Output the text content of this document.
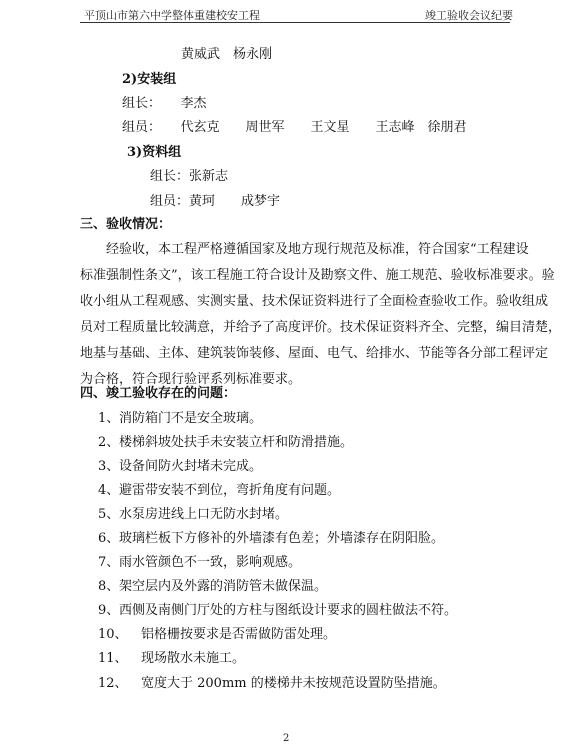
平顶山市第六中学整体重建校安工程	竣工验收会议纪要
黄威武　杨永刚
2)安装组
组长：　　李杰
组员：　　代玄克　　周世军　　王文星　　王志峰　徐朋君
3)资料组
组长：张新志
组员：黄珂　　成梦宇
三、验收情况：
　　经验收，本工程严格遵循国家及地方现行规范及标准，符合国家“工程建设
标准强制性条文”，该工程施工符合设计及勘察文件、施工规范、验收标准要求。验
收小组从工程观感、实测实量、技术保证资料进行了全面检查验收工作。验收组成
员对工程质量比较满意，并给予了高度评价。技术保证资料齐全、完整，编目清楚，
地基与基础、主体、建筑装饰装修、屋面、电气、给排水、节能等各分部工程评定
为合格，符合现行验评系列标准要求。
四、竣工验收存在的问题：
1、 消防箱门不是安全玻璃。
2、 楼梯斜坡处扶手未安装立杆和防滑措施。
3、 设备间防火封堵未完成。
4、 避雷带安装不到位，弯折角度有问题。
5、 水泵房进线上口无防水封堵。
6、 玻璃栏板下方修补的外墙漆有色差；外墙漆存在阴阳脸。
7、 雨水管颜色不一致，影响观感。
8、 架空层内及外露的消防管未做保温。
9、 西侧及南侧门厅处的方柱与图纸设计要求的圆柱做法不符。
10、 铝格栅按要求是否需做防雷处理。
11、 现场散水未施工。
12、 宽度大于 200mm 的楼梯井未按规范设置防坠措施。
2
